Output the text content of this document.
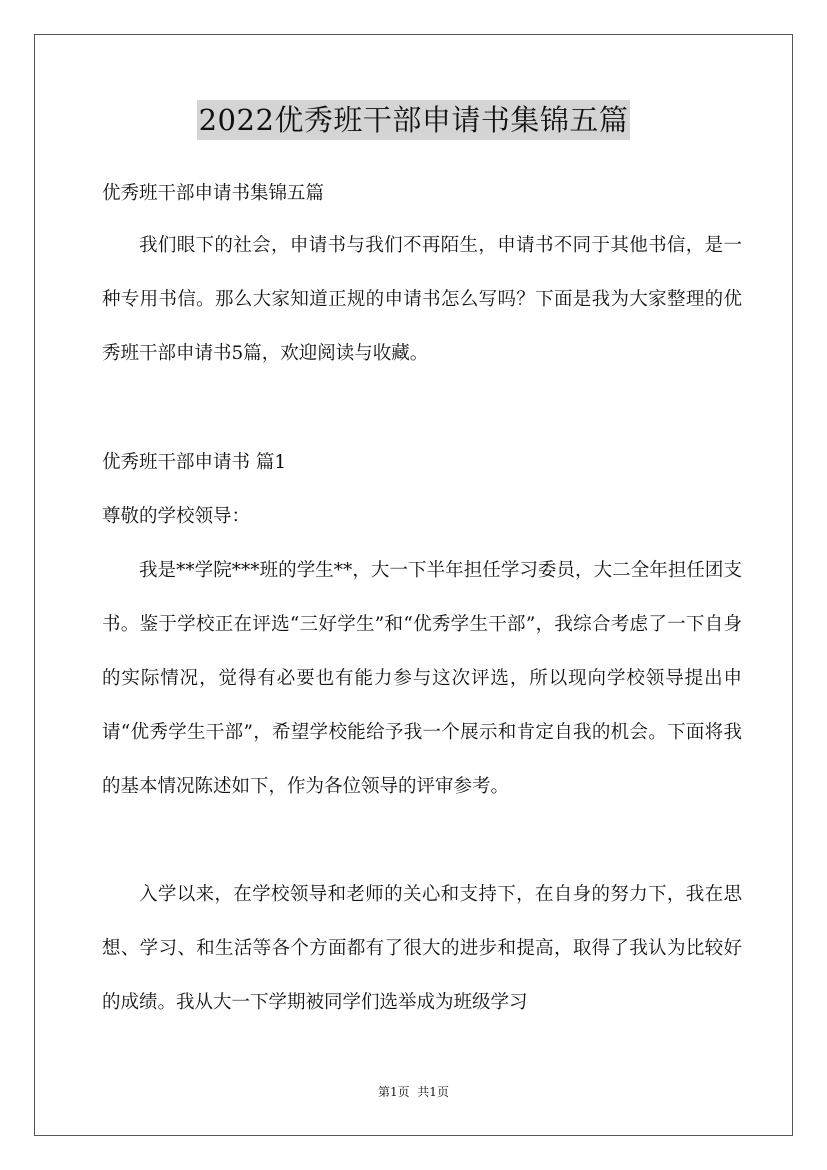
2022优秀班干部申请书集锦五篇

优秀班干部申请书集锦五篇

我们眼下的社会，申请书与我们不再陌生，申请书不同于其他书信，是一种专用书信。那么大家知道正规的申请书怎么写吗？下面是我为大家整理的优秀班干部申请书5篇，欢迎阅读与收藏。

优秀班干部申请书 篇1

尊敬的学校领导：

我是**学院***班的学生**，大一下半年担任学习委员，大二全年担任团支书。鉴于学校正在评选“三好学生”和“优秀学生干部”，我综合考虑了一下自身的实际情况，觉得有必要也有能力参与这次评选，所以现向学校领导提出申请“优秀学生干部”，希望学校能给予我一个展示和肯定自我的机会。下面将我的基本情况陈述如下，作为各位领导的评审参考。

入学以来，在学校领导和老师的关心和支持下，在自身的努力下，我在思想、学习、和生活等各个方面都有了很大的进步和提高，取得了我认为比较好的成绩。我从大一下学期被同学们选举成为班级学习

第1页  共1页
